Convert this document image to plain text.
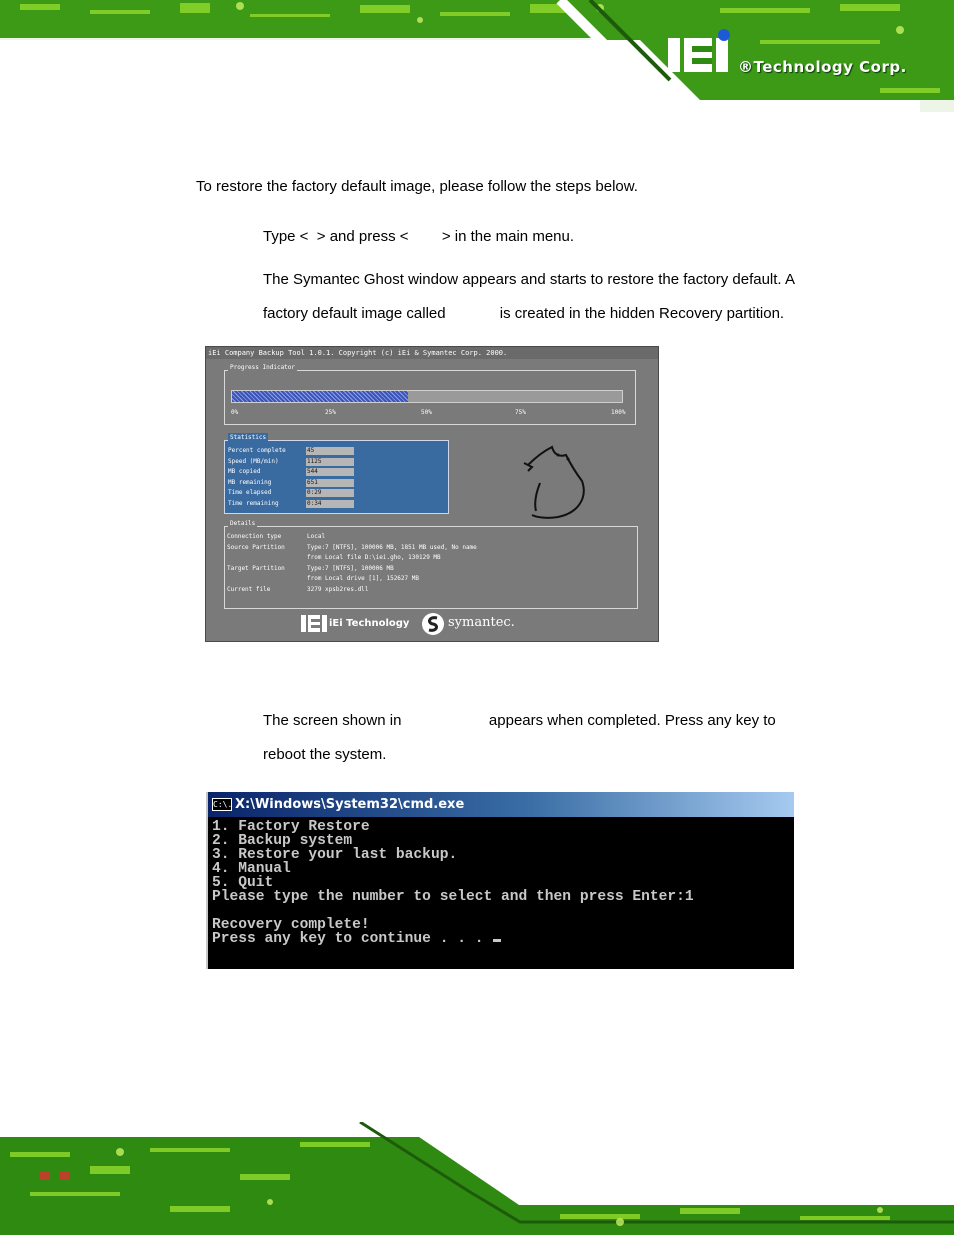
®Technology Corp.
To restore the factory default image, please follow the steps below.
Type <  > and press <        > in the main menu.
The Symantec Ghost window appears and starts to restore the factory default. A
factory default image called             is created in the hidden Recovery partition.
iEi Company Backup Tool 1.0.1. Copyright (c) iEi & Symantec Corp. 2000.
Progress Indicator
0%	25%	50%	75%	100%
Statistics
Percent complete	45
Speed (MB/min)	1125
MB copied	544
MB remaining	651
Time elapsed	0:29
Time remaining	0:34
Details
Connection type	Local
Source Partition	Type:7 [NTFS], 100006 MB, 1851 MB used, No name
from Local file D:\iei.gho, 130129 MB
Target Partition	Type:7 [NTFS], 100006 MB
from Local drive [1], 152627 MB
Current file	3279 xpsb2res.dll
iEi Technology	symantec.
The screen shown in                     appears when completed. Press any key to
reboot the system.
C:\. X:\Windows\System32\cmd.exe
1. Factory Restore
2. Backup system
3. Restore your last backup.
4. Manual
5. Quit
Please type the number to select and then press Enter:1
Recovery complete!
Press any key to continue . . .
